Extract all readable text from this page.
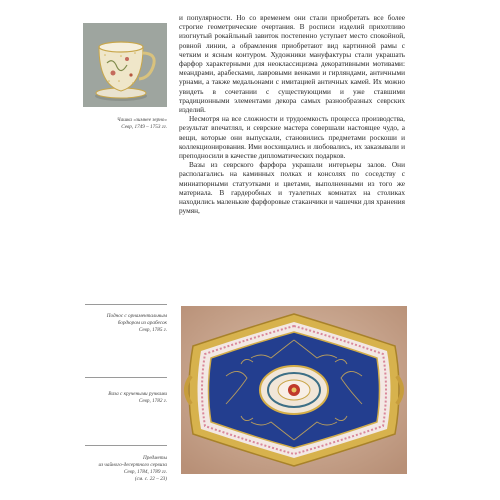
Чашка «зимнее зерно»
Севр, 1749 – 1753 гг.
Поднос с орнаментальным
бордюром из арабесок
Севр, 1785 г.
Ваза с кручеными ручками
Севр, 1782 г.
Предметы
из чайного-десертного сервиза
Севр, 1784, 1789 гг.
(см. с. 22 – 23)

и популярности. Но со временем они стали приобретать все более строгие геометрические очертания. В росписи изделий прихотливо изогнутый рокайльный завиток постепенно уступает место спокойной, ровной линии, а обрамления приобретают вид картинной рамы с четким и ясным контуром. Художники мануфактуры стали украшать фарфор характерными для неоклассицизма декоративными мотивами: меандрами, арабесками, лавровыми венками и гирляндами, античными урнами, а также медальонами с имитацией античных камей. Их можно увидеть в сочетании с существующими и уже ставшими традиционными элементами декора самых разнообразных севрских изделий.

Несмотря на все сложности и трудоемкость процесса производства, результат впечатлял, и севрские мастера совершали настоящее чудо, а вещи, которые они выпускали, становились предметами роскоши и коллекционирования. Ими восхищались и любовались, их заказывали и преподносили в качестве дипломатических подарков.

Вазы из севрского фарфора украшали интерьеры залов. Они располагались на каминных полках и консолях по соседству с миниатюрными статуэтками и цветами, выполненными из того же материала. В гардеробных и туалетных комнатах на столиках находились маленькие фарфоровые стаканчики и чашечки для хранения румян,
